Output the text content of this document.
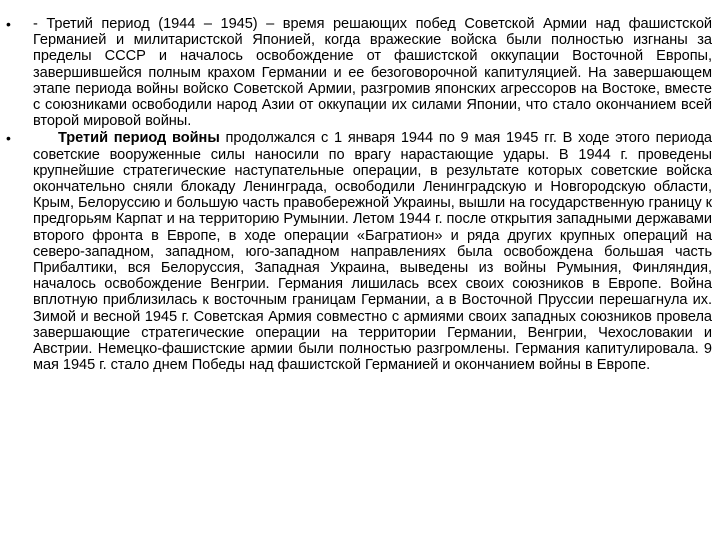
•	- Третий период (1944 – 1945) – время решающих побед Советской Армии над фашистской Германией и милитаристской Японией, когда вражеские войска были полностью изгнаны за пределы СССР и началось освобождение от фашистской оккупации Восточной Европы, завершившейся полным крахом Германии и ее безоговорочной капитуляцией. На завершающем этапе периода войны войско Советской Армии, разгромив японских агрессоров на Востоке, вместе с союзниками освободили народ Азии от оккупации их силами Японии, что стало окончанием всей второй мировой войны.
•	Третий период войны продолжался с 1 января 1944 по 9 мая 1945 гг. В ходе этого периода советские вооруженные силы наносили по врагу нарастающие удары. В 1944 г. проведены крупнейшие стратегические наступательные операции, в результате которых советские войска окончательно сняли блокаду Ленинграда, освободили Ленинградскую и Новгородскую области, Крым, Белоруссию и большую часть правобережной Украины, вышли на государственную границу к предгорьям Карпат и на территорию Румынии. Летом 1944 г. после открытия западными державами второго фронта в Европе, в ходе операции «Багратион» и ряда других крупных операций на северо-западном, западном, юго-западном направлениях была освобождена большая часть Прибалтики, вся Белоруссия, Западная Украина, выведены из войны Румыния, Финляндия, началось освобождение Венгрии. Германия лишилась всех своих союзников в Европе. Война вплотную приблизилась к восточным границам Германии, а в Восточной Пруссии перешагнула их. Зимой и весной 1945 г. Советская Армия совместно с армиями своих западных союзников провела завершающие стратегические операции на территории Германии, Венгрии, Чехословакии и Австрии. Немецко-фашистские армии были полностью разгромлены. Германия капитулировала. 9 мая 1945 г. стало днем Победы над фашистской Германией и окончанием войны в Европе.
